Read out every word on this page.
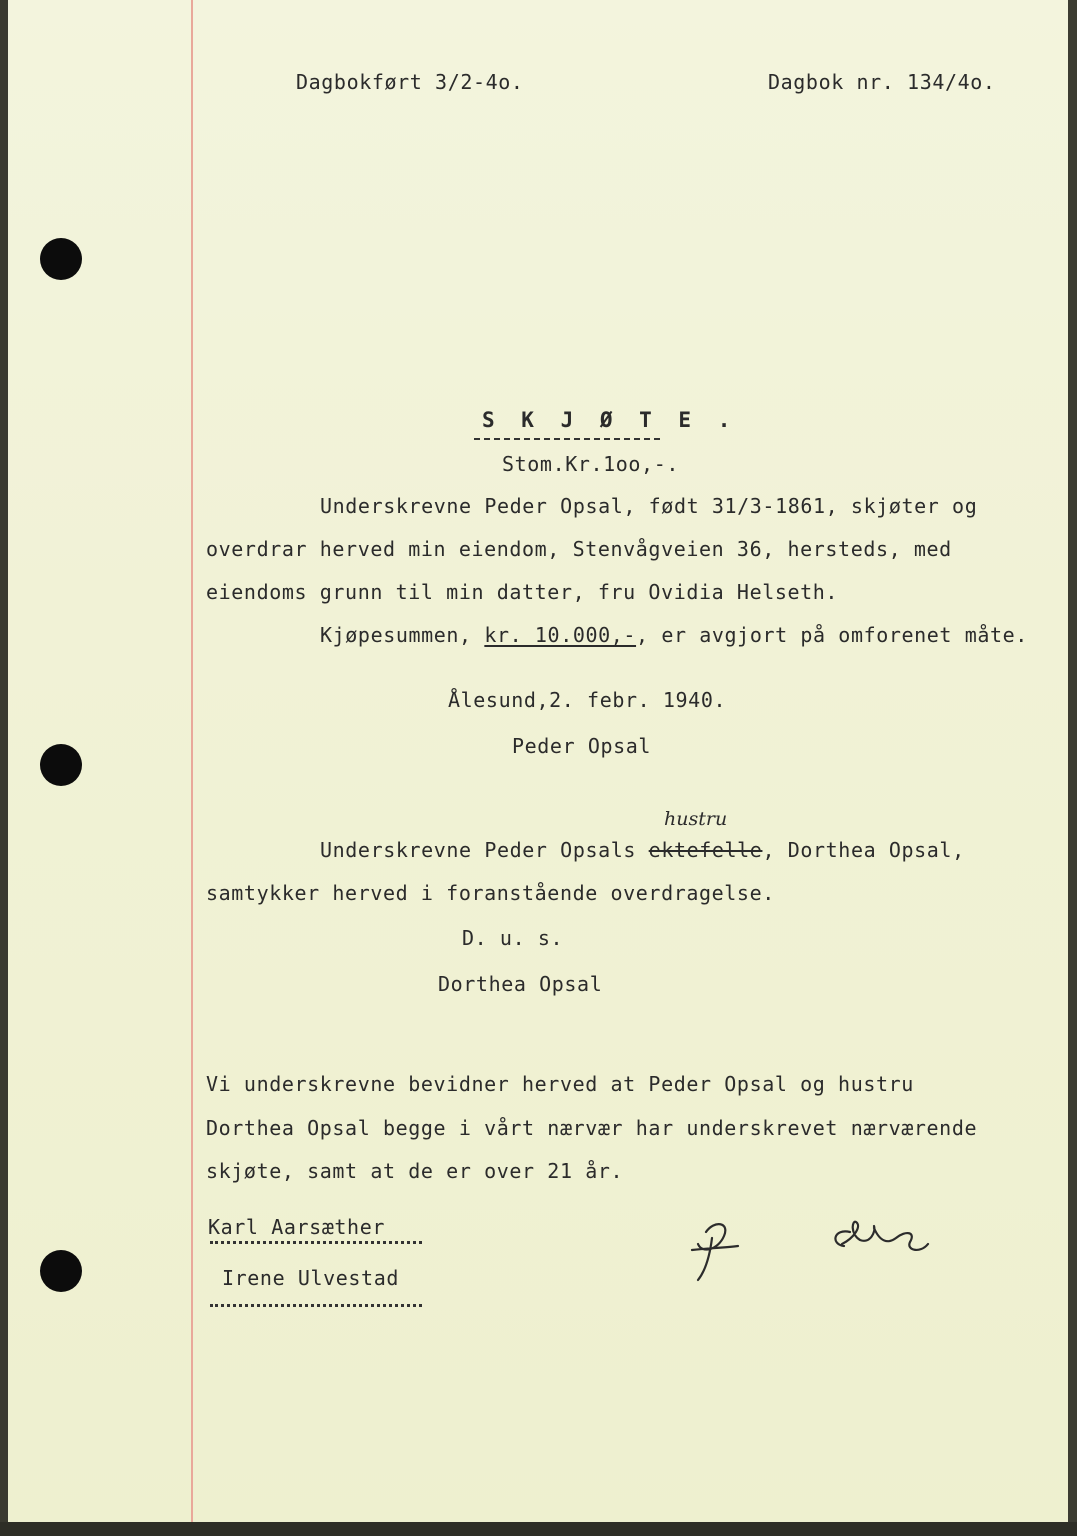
Dagbokført 3/2-4o.	Dagbok nr. 134/4o.
S K J Ø T E .
Stom.Kr.1oo,-.
Underskrevne Peder Opsal, født 31/3-1861, skjøter og
overdrar herved min eiendom, Stenvågveien 36, hersteds, med
eiendoms grunn til min datter, fru Ovidia Helseth.
Kjøpesummen, kr. 10.000,-, er avgjort på omforenet måte.
Ålesund,2. febr. 1940.
Peder Opsal
hustru
Underskrevne Peder Opsals ektefelle, Dorthea Opsal,
samtykker herved i foranstående overdragelse.
D. u. s.
Dorthea Opsal
Vi underskrevne bevidner herved at Peder Opsal og hustru
Dorthea Opsal begge i vårt nærvær har underskrevet nærværende
skjøte, samt at de er over 21 år.
Karl Aarsæther
Irene Ulvestad
